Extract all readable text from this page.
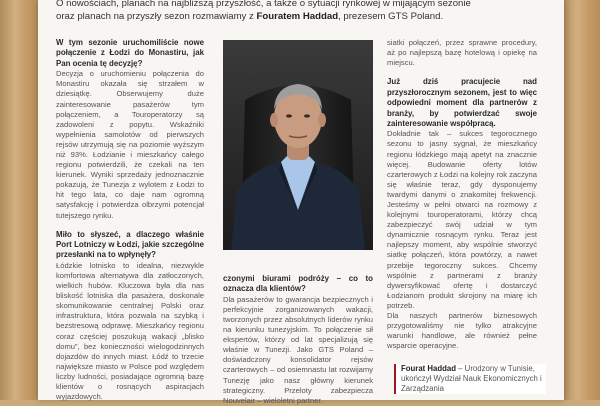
O nowościach, planach na najbliższą przyszłość, a także o sytuacji rynkowej w mijającym sezonie
oraz planach na przyszły sezon rozmawiamy z Fouratem Haddad, prezesem GTS Poland.

W tym sezonie uruchomiliście nowe połączenie z Łodzi do Monastiru, jak Pan ocenia tę decyzję?

Decyzja o uruchomieniu połączenia do Monastiru okazała się strzałem w dziesiątkę. Obserwujemy duże zainteresowanie pasażerów tym połączeniem, a Touroperatorzy są zadowoleni z popytu. Wskaźniki wypełnienia samolotów od pierwszych rejsów utrzymują się na poziomie wyższym niż 93%. Łodzianie i mieszkańcy całego regionu potwierdzili, że czekali na ten kierunek. Wyniki sprzedaży jednoznacznie pokazują, że Tunezja z wylotem z Łodzi to hit tego lata, co daje nam ogromną satysfakcję i potwierdza olbrzymi potencjał tutejszego rynku.

Miło to słyszeć, a dlaczego właśnie Port Lotniczy w Łodzi, jakie szczególne przesłanki na to wpłynęły?

Łódzkie lotnisko to idealna, niezwykle komfortowa alternatywa dla zatłoczonych, wielkich hubów. Kluczowa była dla nas bliskość lotniska dla pasażera, doskonale skomunikowanie centralnej Polski oraz infrastruktura, która pozwala na szybką i bezstresową odprawę. Mieszkańcy regionu coraz częściej poszukują wakacji „blisko domu”, bez konieczności wielogodzinnych dojazdów do innych miast. Łódź to trzecie największe miasto w Polsce pod względem liczby ludności, posiadające ogromną bazę klientów o rosnących aspiracjach wyjazdowych.

czonymi biurami podróży – co to oznacza dla klientów?

Dla pasażerów to gwarancja bezpiecznych i perfekcyjnie zorganizowanych wakacji, tworzonych przez absolutnych liderów rynku na kierunku tunezyjskim. To połączenie sił ekspertów, którzy od lat specjalizują się właśnie w Tunezji. Jako GTS Poland – doświadczony konsolidator rejsów czarterowych – od osiemnastu lat rozwijamy Tunezję jako nasz główny kierunek strategiczny. Przeloty zabezpiecza Nouvelair – wieloletni partner.

siatki połączeń, przez sprawne procedury, aż po najlepszą bazę hotelową i opiekę na miejscu.

Już dziś pracujecie nad przyszłorocznym sezonem, jest to więc odpowiedni moment dla partnerów z branży, by potwierdzać swoje zainteresowanie współpracą.

Dokładnie tak – sukces tegorocznego sezonu to jasny sygnał, że mieszkańcy regionu łódzkiego mają apetyt na znacznie więcej. Budowanie oferty lotów czarterowych z Łodzi na kolejny rok zaczyna się właśnie teraz, gdy dysponujemy twardymi danymi o znakomitej frekwencji. Jesteśmy w pełni otwarci na rozmowy z kolejnymi touroperatorami, którzy chcą zabezpieczyć swój udział w tym dynamicznie rosnącym rynku. Teraz jest najlepszy moment, aby wspólnie stworzyć siatkę połączeń, która powtórzy, a nawet przebije tegoroczny sukces. Chcemy wspólnie z partnerami z branży dywersyfikować ofertę i dostarczyć Łodzianom produkt skrojony na miarę ich potrzeb.

Dla naszych partnerów biznesowych przygotowaliśmy nie tylko atrakcyjne warunki handlowe, ale również pełne wsparcie operacyjne.

Fourat Haddad – Urodzony w Tunisie, ukończył Wydział Nauk Ekonomicznych i Zarządzania
